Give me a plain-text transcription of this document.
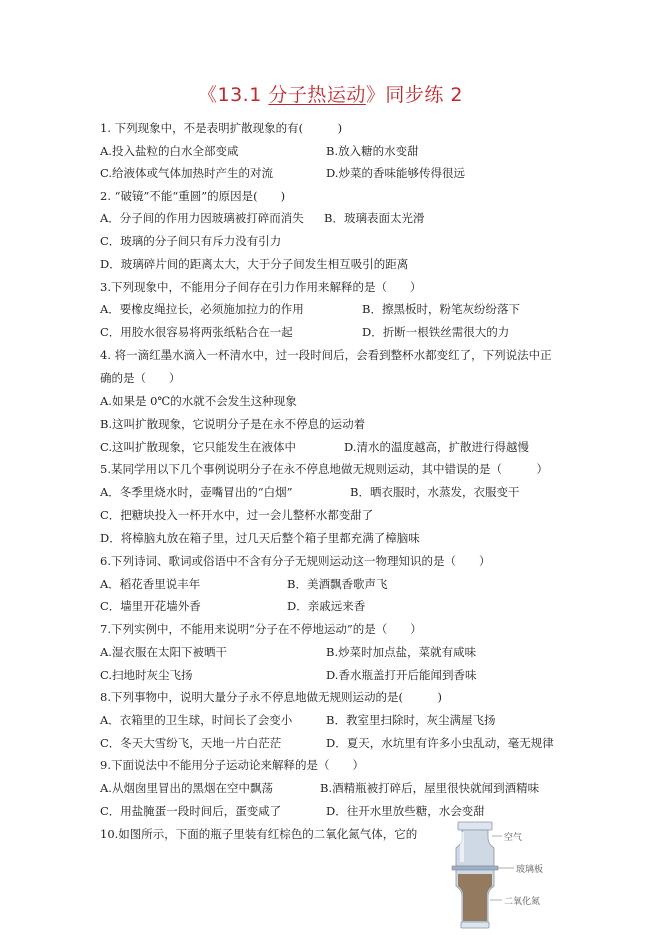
《13.1 分子热运动》同步练 2
1. 下列现象中，不是表明扩散现象的有(　　　)
A.投入盐粒的白水全部变咸	B.放入糖的水变甜
C.给液体或气体加热时产生的对流	D.炒菜的香味能够传得很远
2. “破镜”不能“重圆”的原因是(　　)
A．分子间的作用力因玻璃被打碎而消失 B．玻璃表面太光滑
C．玻璃的分子间只有斥力没有引力
D．玻璃碎片间的距离太大，大于分子间发生相互吸引的距离
3.下列现象中，不能用分子间存在引力作用来解释的是（　　）
A．要橡皮绳拉长，必须施加拉力的作用	B．擦黑板时，粉笔灰纷纷落下
C．用胶水很容易将两张纸粘合在一起	D．折断一根铁丝需很大的力
4. 将一滴红墨水滴入一杯清水中，过一段时间后，会看到整杯水都变红了，下列说法中正
确的是（　　）
A.如果是 0℃的水就不会发生这种现象
B.这叫扩散现象，它说明分子是在永不停息的运动着
C.这叫扩散现象，它只能发生在液体中	D.清水的温度越高，扩散进行得越慢
5.某同学用以下几个事例说明分子在永不停息地做无规则运动，其中错误的是（　　　）
A．冬季里烧水时，壶嘴冒出的“白烟”	B．晒衣服时，水蒸发，衣服变干
C．把糖块投入一杯开水中，过一会儿整杯水都变甜了
D．将樟脑丸放在箱子里，过几天后整个箱子里都充满了樟脑味
6.下列诗词、歌词或俗语中不含有分子无规则运动这一物理知识的是（　　）
A．稻花香里说丰年	B．美酒飘香歌声飞
C．墙里开花墙外香	D．亲戚远来香
7.下列实例中，不能用来说明“分子在不停地运动”的是（　　）
A.湿衣服在太阳下被晒干	B.炒菜时加点盐，菜就有咸味
C.扫地时灰尘飞扬	D.香水瓶盖打开后能闻到香味
8.下列事物中，说明大量分子永不停息地做无规则运动的是(　　　)
A．衣箱里的卫生球，时间长了会变小	B．教室里扫除时，灰尘满屋飞扬
C．冬天大雪纷飞，天地一片白茫茫	D．夏天，水坑里有许多小虫乱动，毫无规律
9.下面说法中不能用分子运动论来解释的是（　　）
A.从烟囱里冒出的黑烟在空中飘荡	B.酒精瓶被打碎后，屋里很快就闻到酒精味
C．用盐腌蛋一段时间后，蛋变咸了	D．往开水里放些糖，水会变甜
10.如图所示，下面的瓶子里装有红棕色的二氧化氮气体，它的	空气
玻璃板
二氧化氮
